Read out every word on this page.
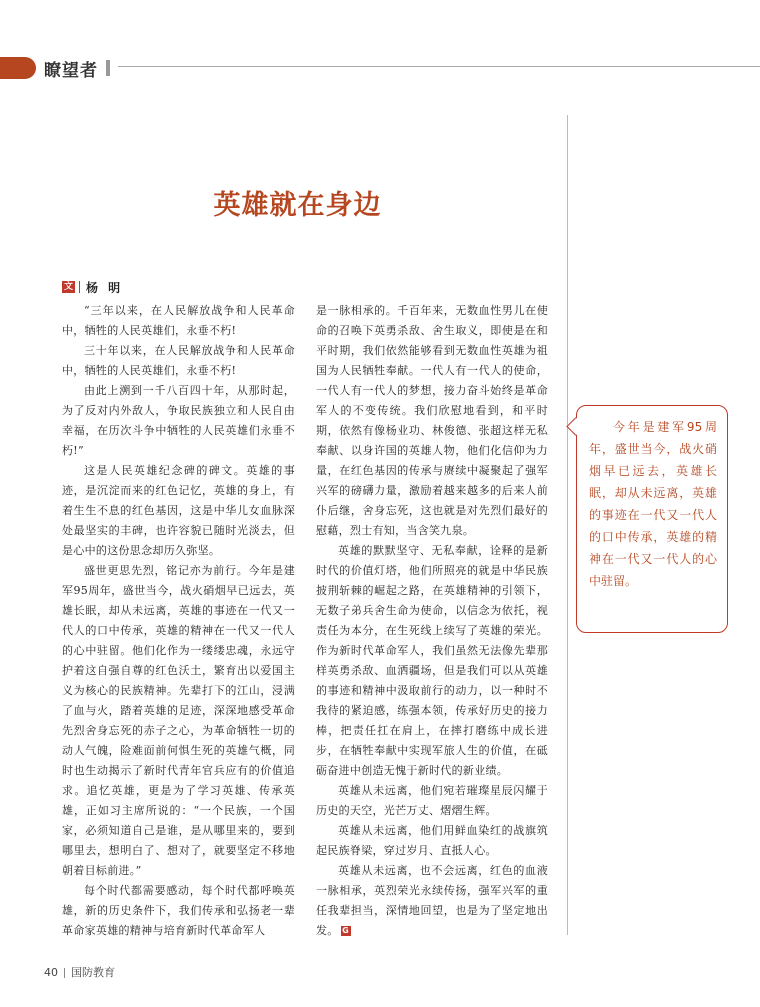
瞭望者
英雄就在身边
文 杨 明

“三年以来，在人民解放战争和人民革命中，牺牲的人民英雄们，永垂不朽!

三十年以来，在人民解放战争和人民革命中，牺牲的人民英雄们，永垂不朽!

由此上溯到一千八百四十年，从那时起，为了反对内外敌人，争取民族独立和人民自由幸福，在历次斗争中牺牲的人民英雄们永垂不朽!”

这是人民英雄纪念碑的碑文。英雄的事迹，是沉淀而来的红色记忆，英雄的身上，有着生生不息的红色基因，这是中华儿女血脉深处最坚实的丰碑，也许容貌已随时光淡去，但是心中的这份思念却历久弥坚。

盛世更思先烈，铭记亦为前行。今年是建军95周年，盛世当今，战火硝烟早已远去，英雄长眠，却从未远离，英雄的事迹在一代又一代人的口中传承，英雄的精神在一代又一代人的心中驻留。他们化作为一缕缕忠魂，永远守护着这自强自尊的红色沃土，繁育出以爱国主义为核心的民族精神。先辈打下的江山，浸满了血与火，踏着英雄的足迹，深深地感受革命先烈舍身忘死的赤子之心，为革命牺牲一切的动人气魄，险难面前何惧生死的英雄气概，同时也生动揭示了新时代青年官兵应有的价值追求。追忆英雄，更是为了学习英雄、传承英雄，正如习主席所说的：“一个民族，一个国家，必须知道自己是谁，是从哪里来的，要到哪里去，想明白了、想对了，就要坚定不移地朝着目标前进。”

每个时代都需要感动，每个时代都呼唤英雄，新的历史条件下，我们传承和弘扬老一辈革命家英雄的精神与培育新时代革命军人

是一脉相承的。千百年来，无数血性男儿在使命的召唤下英勇杀敌、舍生取义，即使是在和平时期，我们依然能够看到无数血性英雄为祖国为人民牺牲奉献。一代人有一代人的使命，一代人有一代人的梦想，接力奋斗始终是革命军人的不变传统。我们欣慰地看到，和平时期，依然有像杨业功、林俊德、张超这样无私奉献、以身许国的英雄人物，他们化信仰为力量，在红色基因的传承与赓续中凝聚起了强军兴军的磅礴力量，激励着越来越多的后来人前仆后继，舍身忘死，这也就是对先烈们最好的慰藉，烈士有知，当含笑九泉。

英雄的默默坚守、无私奉献，诠释的是新时代的价值灯塔，他们所照亮的就是中华民族披荆斩棘的崛起之路，在英雄精神的引领下，无数子弟兵舍生命为使命，以信念为依托，视责任为本分，在生死线上续写了英雄的荣光。作为新时代革命军人，我们虽然无法像先辈那样英勇杀敌、血洒疆场，但是我们可以从英雄的事迹和精神中汲取前行的动力，以一种时不我待的紧迫感，练强本领，传承好历史的接力棒，把责任扛在肩上，在摔打磨练中成长进步，在牺牲奉献中实现军旅人生的价值，在砥砺奋进中创造无愧于新时代的新业绩。

英雄从未远离，他们宛若璀璨星辰闪耀于历史的天空，光芒万丈、熠熠生辉。

英雄从未远离，他们用鲜血染红的战旗筑起民族脊梁，穿过岁月、直抵人心。

英雄从未远离，也不会远离，红色的血液一脉相承，英烈荣光永续传扬，强军兴军的重任我辈担当，深情地回望，也是为了坚定地出发。 G

今年是建军95周年，盛世当今，战火硝烟早已远去，英雄长眠，却从未远离，英雄的事迹在一代又一代人的口中传承，英雄的精神在一代又一代人的心中驻留。
40 国防教育
